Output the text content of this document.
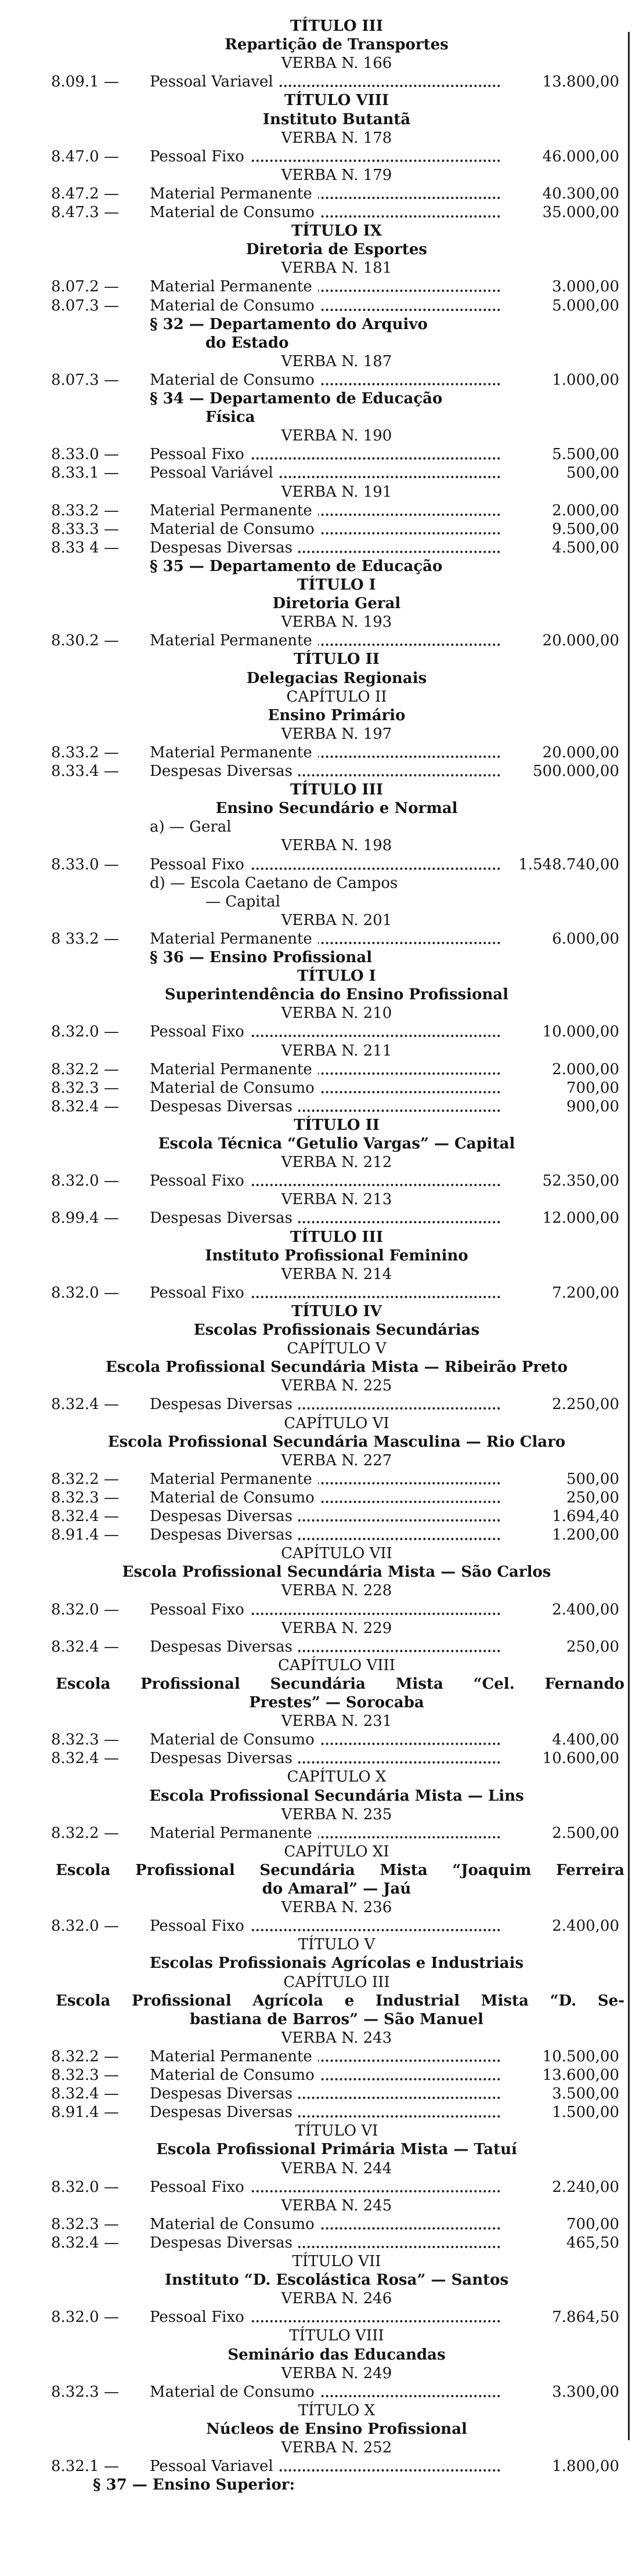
TÍTULO III
Repartição de Transportes
VERBA N. 166
8.09.1 —	Pessoal Variavel	13.800,00
TÍTULO VIII
Instituto Butantã
VERBA N. 178
8.47.0 —	Pessoal Fixo	46.000,00
VERBA N. 179
8.47.2 —	Material Permanente	40.300,00
8.47.3 —	Material de Consumo	35.000,00
TÍTULO IX
Diretoria de Esportes
VERBA N. 181
8.07.2 —	Material Permanente	3.000,00
8.07.3 —	Material de Consumo	5.000,00
§ 32 — Departamento do Arquivo
do Estado
VERBA N. 187
8.07.3 —	Material de Consumo	1.000,00
§ 34 — Departamento de Educação
Física
VERBA N. 190
8.33.0 —	Pessoal Fixo	5.500,00
8.33.1 —	Pessoal Variável	500,00
VERBA N. 191
8.33.2 —	Material Permanente	2.000,00
8.33.3 —	Material de Consumo	9.500,00
8.33 4 —	Despesas Diversas	4.500,00
§ 35 — Departamento de Educação
TÍTULO I
Diretoria Geral
VERBA N. 193
8.30.2 —	Material Permanente	20.000,00
TÍTULO II
Delegacias Regionais
CAPÍTULO II
Ensino Primário
VERBA N. 197
8.33.2 —	Material Permanente	20.000,00
8.33.4 —	Despesas Diversas	500.000,00
TÍTULO III
Ensino Secundário e Normal
a) — Geral
VERBA N. 198
8.33.0 —	Pessoal Fixo	1.548.740,00
d) — Escola Caetano de Campos
— Capital
VERBA N. 201
8 33.2 —	Material Permanente	6.000,00
§ 36 — Ensino Profissional
TÍTULO I
Superintendência do Ensino Profissional
VERBA N. 210
8.32.0 —	Pessoal Fixo	10.000,00
VERBA N. 211
8.32.2 —	Material Permanente	2.000,00
8.32.3 —	Material de Consumo	700,00
8.32.4 —	Despesas Diversas	900,00
TÍTULO II
Escola Técnica “Getulio Vargas” — Capital
VERBA N. 212
8.32.0 —	Pessoal Fixo	52.350,00
VERBA N. 213
8.99.4 —	Despesas Diversas	12.000,00
TÍTULO III
Instituto Profissional Feminino
VERBA N. 214
8.32.0 —	Pessoal Fixo	7.200,00
TÍTULO IV
Escolas Profissionais Secundárias
CAPÍTULO V
Escola Profissional Secundária Mista — Ribeirão Preto
VERBA N. 225
8.32.4 —	Despesas Diversas	2.250,00
CAPÍTULO VI
Escola Profissional Secundária Masculina — Rio Claro
VERBA N. 227
8.32.2 —	Material Permanente	500,00
8.32.3 —	Material de Consumo	250,00
8.32.4 —	Despesas Diversas	1.694,40
8.91.4 —	Despesas Diversas	1.200,00
CAPÍTULO VII
Escola Profissional Secundária Mista — São Carlos
VERBA N. 228
8.32.0 —	Pessoal Fixo	2.400,00
VERBA N. 229
8.32.4 —	Despesas Diversas	250,00
CAPÍTULO VIII
Escola Profissional Secundária Mista “Cel. Fernando
Prestes” — Sorocaba
VERBA N. 231
8.32.3 —	Material de Consumo	4.400,00
8.32.4 —	Despesas Diversas	10.600,00
CAPÍTULO X
Escola Profissional Secundária Mista — Lins
VERBA N. 235
8.32.2 —	Material Permanente	2.500,00
CAPÍTULO XI
Escola Profissional Secundária Mista “Joaquim Ferreira
do Amaral” — Jaú
VERBA N. 236
8.32.0 —	Pessoal Fixo	2.400,00
TÍTULO V
Escolas Profissionais Agrícolas e Industriais
CAPÍTULO III
Escola Profissional Agrícola e Industrial Mista “D. Se-
bastiana de Barros” — São Manuel
VERBA N. 243
8.32.2 —	Material Permanente	10.500,00
8.32.3 —	Material de Consumo	13.600,00
8.32.4 —	Despesas Diversas	3.500,00
8.91.4 —	Despesas Diversas	1.500,00
TÍTULO VI
Escola Profissional Primária Mista — Tatuí
VERBA N. 244
8.32.0 —	Pessoal Fixo	2.240,00
VERBA N. 245
8.32.3 —	Material de Consumo	700,00
8.32.4 —	Despesas Diversas	465,50
TÍTULO VII
Instituto “D. Escolástica Rosa” — Santos
VERBA N. 246
8.32.0 —	Pessoal Fixo	7.864,50
TÍTULO VIII
Seminário das Educandas
VERBA N. 249
8.32.3 —	Material de Consumo	3.300,00
TÍTULO X
Núcleos de Ensino Profissional
VERBA N. 252
8.32.1 —	Pessoal Variavel	1.800,00
§ 37 — Ensino Superior:
